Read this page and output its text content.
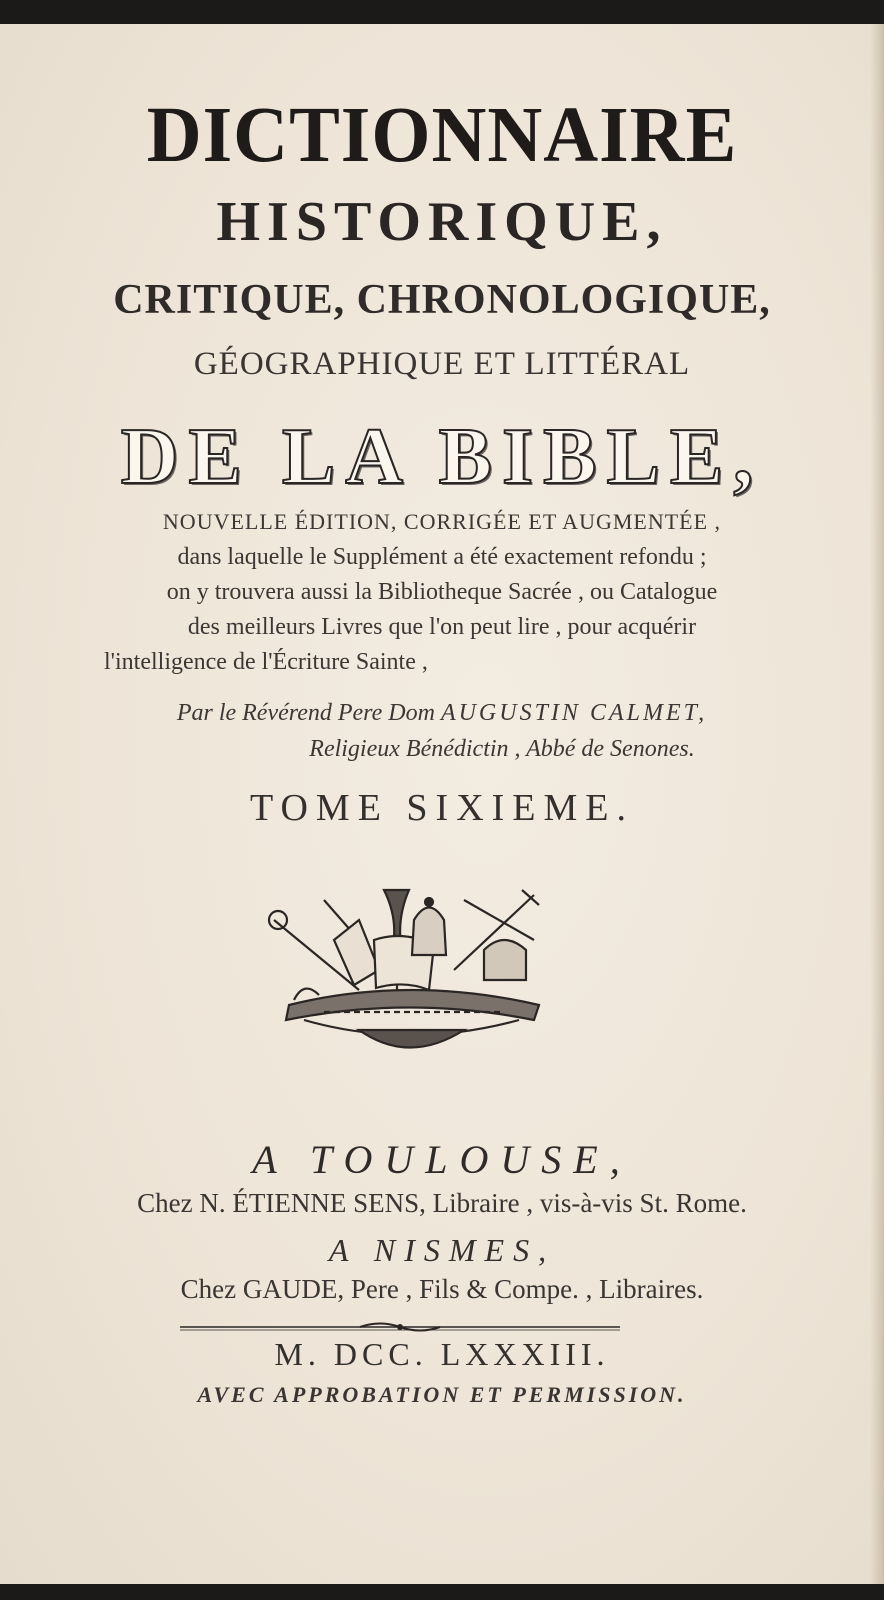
DICTIONNAIRE
HISTORIQUE,
CRITIQUE, CHRONOLOGIQUE,
GÉOGRAPHIQUE ET LITTÉRAL
DE LA BIBLE,
NOUVELLE ÉDITION, CORRIGÉE ET AUGMENTÉE ,
dans laquelle le Supplément a été exactement refondu ;
on y trouvera aussi la Bibliotheque Sacrée , ou Catalogue
des meilleurs Livres que l'on peut lire , pour acquérir
l'intelligence de l'Écriture Sainte ,
Par le Révérend Pere Dom AUGUSTIN CALMET,
Religieux Bénédictin , Abbé de Senones.
TOME SIXIEME.
A TOULOUSE,
Chez N. ÉTIENNE SENS, Libraire , vis-à-vis St. Rome.
A NISMES,
Chez GAUDE, Pere , Fils & Compe. , Libraires.
M. DCC. LXXXIII.
AVEC APPROBATION ET PERMISSION.
